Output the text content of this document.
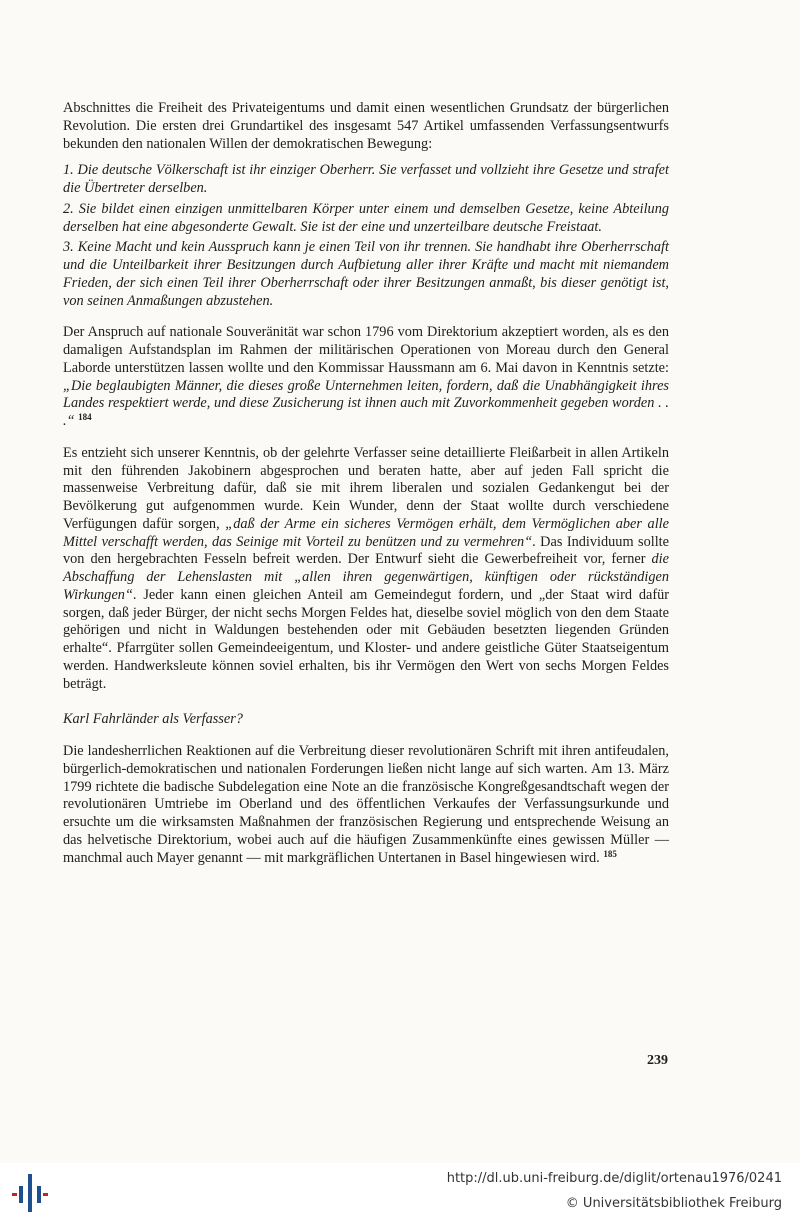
Abschnittes die Freiheit des Privateigentums und damit einen wesentlichen Grundsatz der bürgerlichen Revolution. Die ersten drei Grundartikel des insgesamt 547 Artikel umfassenden Verfassungsentwurfs bekunden den nationalen Willen der demokratischen Bewegung:

1. Die deutsche Völkerschaft ist ihr einziger Oberherr. Sie verfasset und vollzieht ihre Gesetze und strafet die Übertreter derselben.

2. Sie bildet einen einzigen unmittelbaren Körper unter einem und demselben Gesetze, keine Abteilung derselben hat eine abgesonderte Gewalt. Sie ist der eine und unzerteilbare deutsche Freistaat.

3. Keine Macht und kein Ausspruch kann je einen Teil von ihr trennen. Sie handhabt ihre Oberherrschaft und die Unteilbarkeit ihrer Besitzungen durch Aufbietung aller ihrer Kräfte und macht mit niemandem Frieden, der sich einen Teil ihrer Oberherrschaft oder ihrer Besitzungen anmaßt, bis dieser genötigt ist, von seinen Anmaßungen abzustehen.

Der Anspruch auf nationale Souveränität war schon 1796 vom Direktorium akzeptiert worden, als es den damaligen Aufstandsplan im Rahmen der militärischen Operationen von Moreau durch den General Laborde unterstützen lassen wollte und den Kommissar Haussmann am 6. Mai davon in Kenntnis setzte: „Die beglaubigten Männer, die dieses große Unternehmen leiten, fordern, daß die Unabhängigkeit ihres Landes respektiert werde, und diese Zusicherung ist ihnen auch mit Zuvorkommenheit gegeben worden . . .“ $^{184}$

Es entzieht sich unserer Kenntnis, ob der gelehrte Verfasser seine detaillierte Fleißarbeit in allen Artikeln mit den führenden Jakobinern abgesprochen und beraten hatte, aber auf jeden Fall spricht die massenweise Verbreitung dafür, daß sie mit ihrem liberalen und sozialen Gedankengut bei der Bevölkerung gut aufgenommen wurde. Kein Wunder, denn der Staat wollte durch verschiedene Verfügungen dafür sorgen, „daß der Arme ein sicheres Vermögen erhält, dem Vermöglichen aber alle Mittel verschafft werden, das Seinige mit Vorteil zu benützen und zu vermehren“. Das Individuum sollte von den hergebrachten Fesseln befreit werden. Der Entwurf sieht die Gewerbefreiheit vor, ferner die Abschaffung der Lehenslasten mit „allen ihren gegenwärtigen, künftigen oder rückständigen Wirkungen“. Jeder kann einen gleichen Anteil am Gemeindegut fordern, und „der Staat wird dafür sorgen, daß jeder Bürger, der nicht sechs Morgen Feldes hat, dieselbe soviel möglich von den dem Staate gehörigen und nicht in Waldungen bestehenden oder mit Gebäuden besetzten liegenden Gründen erhalte“. Pfarrgüter sollen Gemeindeeigentum, und Kloster- und andere geistliche Güter Staatseigentum werden. Handwerksleute können soviel erhalten, bis ihr Vermögen den Wert von sechs Morgen Feldes beträgt.

Karl Fahrländer als Verfasser?

Die landesherrlichen Reaktionen auf die Verbreitung dieser revolutionären Schrift mit ihren antifeudalen, bürgerlich-demokratischen und nationalen Forderungen ließen nicht lange auf sich warten. Am 13. März 1799 richtete die badische Subdelegation eine Note an die französische Kongreßgesandtschaft wegen der revolutionären Umtriebe im Oberland und des öffentlichen Verkaufes der Verfassungsurkunde und ersuchte um die wirksamsten Maßnahmen der französischen Regierung und entsprechende Weisung an das helvetische Direktorium, wobei auch auf die häufigen Zusammenkünfte eines gewissen Müller — manchmal auch Mayer genannt — mit markgräflichen Untertanen in Basel hingewiesen wird. $^{185}$

239
http://dl.ub.uni-freiburg.de/diglit/ortenau1976/0241
© Universitätsbibliothek Freiburg
